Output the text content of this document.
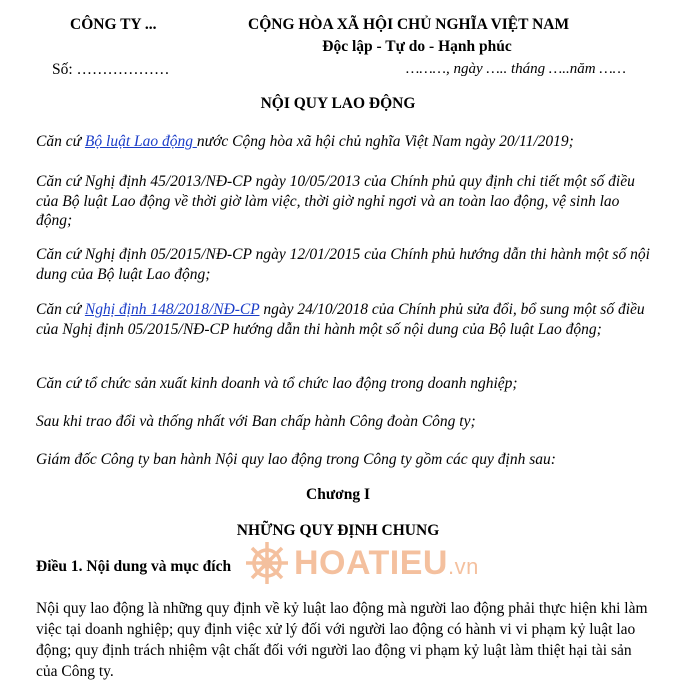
CÔNG TY ...	CỘNG HÒA XÃ HỘI CHỦ NGHĨA VIỆT NAM
Độc lập - Tự do - Hạnh phúc
Số: ………………	………, ngày ….. tháng …..năm ……
NỘI QUY LAO ĐỘNG
Căn cứ Bộ luật Lao động nước Cộng hòa xã hội chủ nghĩa Việt Nam ngày 20/11/2019;
Căn cứ Nghị định 45/2013/NĐ-CP ngày 10/05/2013 của Chính phủ quy định chi tiết một số điều của Bộ luật Lao động về thời giờ làm việc, thời giờ nghỉ ngơi và an toàn lao động, vệ sinh lao động;
Căn cứ Nghị định 05/2015/NĐ-CP ngày 12/01/2015 của Chính phủ hướng dẫn thi hành một số nội dung của Bộ luật Lao động;
Căn cứ Nghị định 148/2018/NĐ-CP ngày 24/10/2018 của Chính phủ sửa đổi, bổ sung một số điều của Nghị định 05/2015/NĐ-CP hướng dẫn thi hành một số nội dung của Bộ luật Lao động;
Căn cứ tổ chức sản xuất kinh doanh và tổ chức lao động trong doanh nghiệp;
Sau khi trao đổi và thống nhất với Ban chấp hành Công đoàn Công ty;
Giám đốc Công ty ban hành Nội quy lao động trong Công ty gồm các quy định sau:
Chương I
NHỮNG QUY ĐỊNH CHUNG
Điều 1. Nội dung và mục đích HOATIEU.vn
Nội quy lao động là những quy định về kỷ luật lao động mà người lao động phải thực hiện khi làm việc tại doanh nghiệp; quy định việc xử lý đối với người lao động có hành vi vi phạm kỷ luật lao động; quy định trách nhiệm vật chất đối với người lao động vi phạm kỷ luật làm thiệt hại tài sản của Công ty.
